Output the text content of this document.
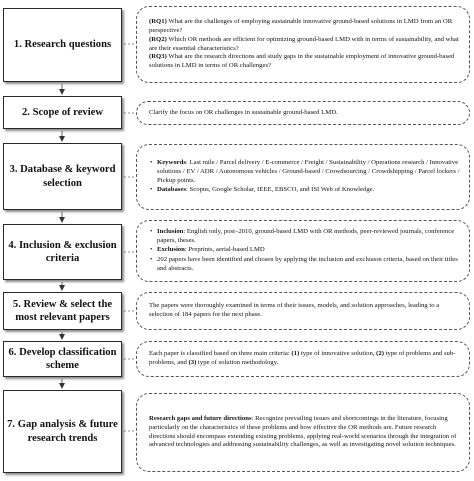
1. Research questions
2. Scope of review
3. Database & keyword selection
4. Inclusion & exclusion criteria
5. Review & select the most relevant papers
6. Develop classification scheme
7. Gap analysis & future research trends

(RQ1) What are the challenges of employing sustainable innovative ground-based solutions in LMD from an OR perspective?

(RQ2) Which OR methods are efficient for optimizing ground-based LMD with in terms of sustainability, and what are their essential characteristics?

(RQ3) What are the research directions and study gaps in the sustainable employment of innovative ground-based solutions in LMD in terms of OR challenges?

Clarify the focus on OR challenges in sustainable ground-based LMD.

• Keywords: Last mile / Parcel delivery / E-commerce / Freight / Sustainability / Operations research / Innovative solutions / EV / ADR / Autonomous vehicles / Ground-based / Crowdsourcing / Crowdshipping / Parcel lockers / Pickup points.
• Databases: Scopus, Google Scholar, IEEE, EBSCO, and ISI Web of Knowledge.
• Inclusion: English only, post–2010, ground-based LMD with OR methods, peer-reviewed journals, conference papers, theses.
• Exclusion: Preprints, aerial-based LMD
• 202 papers have been identified and chosen by applying the inclusion and exclusion criteria, based on their titles and abstracts.

The papers were thoroughly examined in terms of their issues, models, and solution approaches, leading to a selection of 184 papers for the next phase.

Each paper is classified based on three main criteria: (1) type of innovative solution, (2) type of problems and sub-problems, and (3) type of solution methodology.

Research gaps and future directions: Recognize prevailing issues and shortcomings in the literature, focusing particularly on the characteristics of these problems and how effective the OR methods are. Future research directions should encompass extending existing problems, applying real-world scenarios through the integration of advanced technologies and addressing sustainability challenges, as well as investigating novel solution techniques.
